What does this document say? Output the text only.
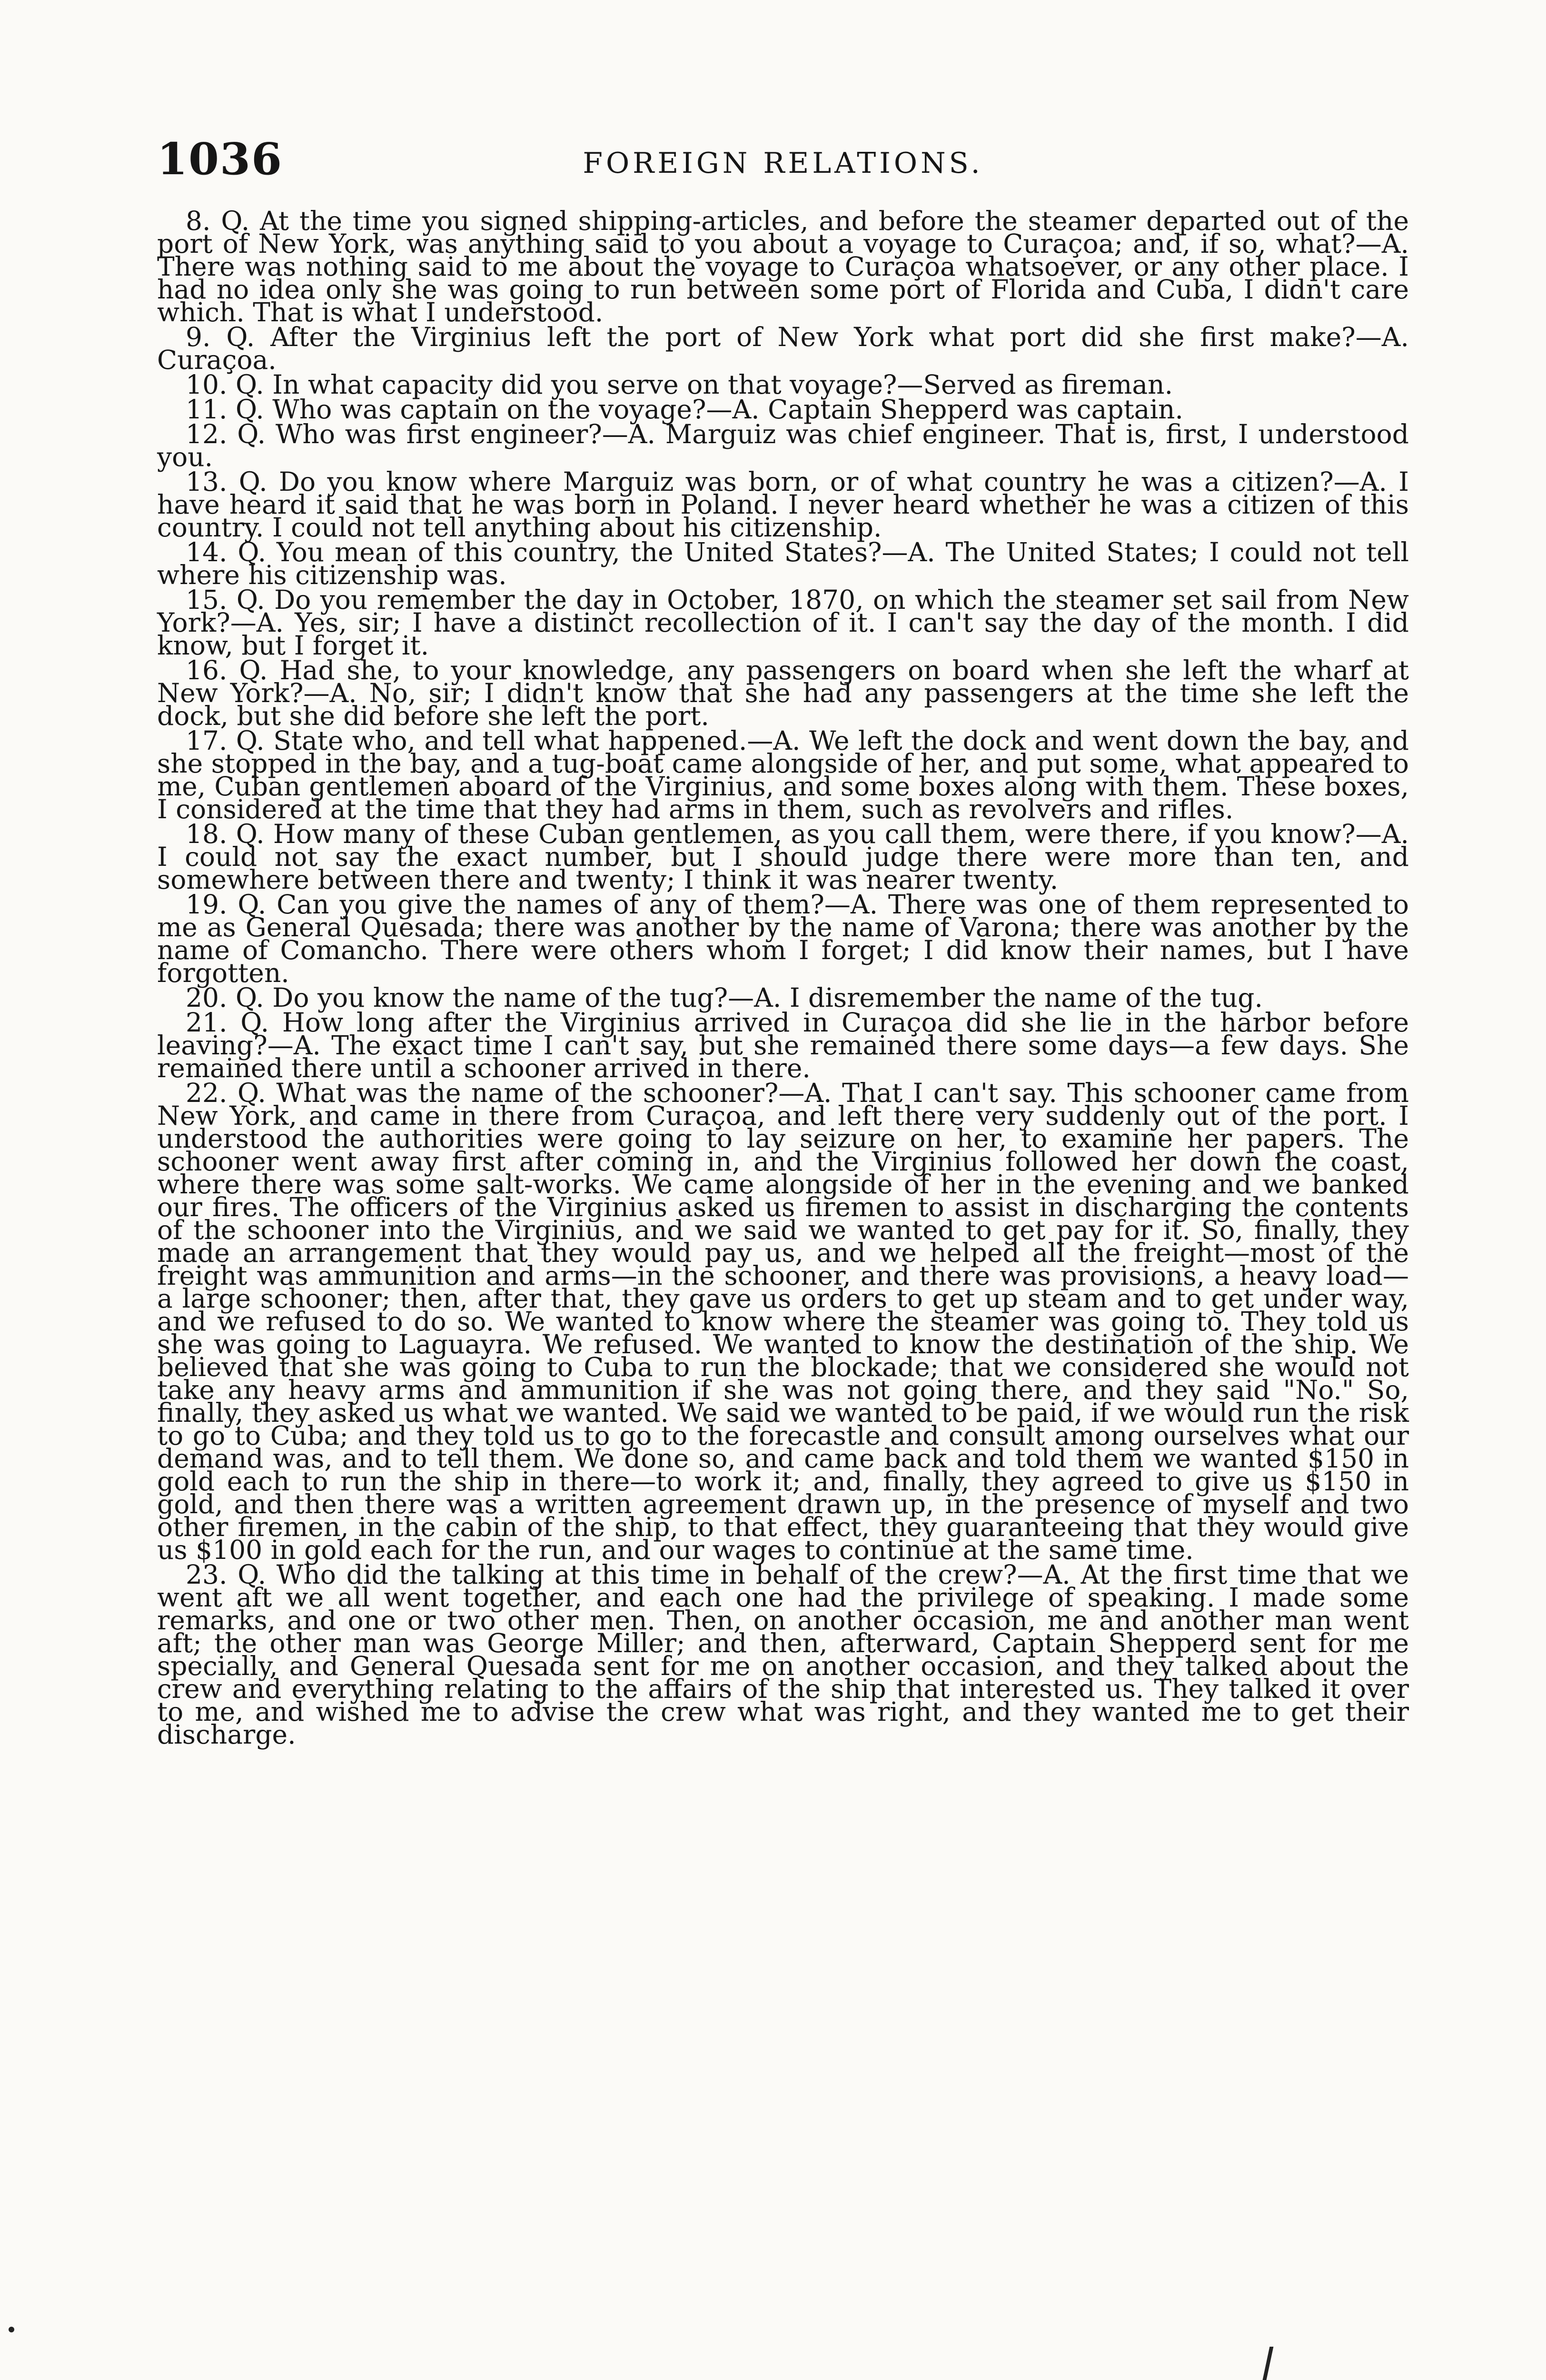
1036	FOREIGN RELATIONS.

8. Q. At the time you signed shipping-articles, and before the steamer departed out of the port of New York, was anything said to you about a voyage to Curaçoa; and, if so, what?—A. There was nothing said to me about the voyage to Curaçoa whatsoever, or any other place. I had no idea only she was going to run between some port of Florida and Cuba, I didn't care which. That is what I understood.

9. Q. After the Virginius left the port of New York what port did she first make?—A. Curaçoa.

10. Q. In what capacity did you serve on that voyage?—Served as fireman.

11. Q. Who was captain on the voyage?—A. Captain Shepperd was captain.

12. Q. Who was first engineer?—A. Marguiz was chief engineer. That is, first, I understood you.

13. Q. Do you know where Marguiz was born, or of what country he was a citizen?—A. I have heard it said that he was born in Poland. I never heard whether he was a citizen of this country. I could not tell anything about his citizenship.

14. Q. You mean of this country, the United States?—A. The United States; I could not tell where his citizenship was.

15. Q. Do you remember the day in October, 1870, on which the steamer set sail from New York?—A. Yes, sir; I have a distinct recollection of it. I can't say the day of the month. I did know, but I forget it.

16. Q. Had she, to your knowledge, any passengers on board when she left the wharf at New York?—A. No, sir; I didn't know that she had any passengers at the time she left the dock, but she did before she left the port.

17. Q. State who, and tell what happened.—A. We left the dock and went down the bay, and she stopped in the bay, and a tug-boat came alongside of her, and put some, what appeared to me, Cuban gentlemen aboard of the Virginius, and some boxes along with them. These boxes, I considered at the time that they had arms in them, such as revolvers and rifles.

18. Q. How many of these Cuban gentlemen, as you call them, were there, if you know?—A. I could not say the exact number, but I should judge there were more than ten, and somewhere between there and twenty; I think it was nearer twenty.

19. Q. Can you give the names of any of them?—A. There was one of them represented to me as General Quesada; there was another by the name of Varona; there was another by the name of Comancho. There were others whom I forget; I did know their names, but I have forgotten.

20. Q. Do you know the name of the tug?—A. I disremember the name of the tug.

21. Q. How long after the Virginius arrived in Curaçoa did she lie in the harbor before leaving?—A. The exact time I can't say, but she remained there some days—a few days. She remained there until a schooner arrived in there.

22. Q. What was the name of the schooner?—A. That I can't say. This schooner came from New York, and came in there from Curaçoa, and left there very suddenly out of the port. I understood the authorities were going to lay seizure on her, to examine her papers. The schooner went away first after coming in, and the Virginius followed her down the coast, where there was some salt-works. We came alongside of her in the evening and we banked our fires. The officers of the Virginius asked us firemen to assist in discharging the contents of the schooner into the Virginius, and we said we wanted to get pay for it. So, finally, they made an arrangement that they would pay us, and we helped all the freight—most of the freight was ammunition and arms—in the schooner, and there was provisions, a heavy load—a large schooner; then, after that, they gave us orders to get up steam and to get under way, and we refused to do so. We wanted to know where the steamer was going to. They told us she was going to Laguayra. We refused. We wanted to know the destination of the ship. We believed that she was going to Cuba to run the blockade; that we considered she would not take any heavy arms and ammunition if she was not going there, and they said "No." So, finally, they asked us what we wanted. We said we wanted to be paid, if we would run the risk to go to Cuba; and they told us to go to the forecastle and consult among ourselves what our demand was, and to tell them. We done so, and came back and told them we wanted $150 in gold each to run the ship in there—to work it; and, finally, they agreed to give us $150 in gold, and then there was a written agreement drawn up, in the presence of myself and two other firemen, in the cabin of the ship, to that effect, they guaranteeing that they would give us $100 in gold each for the run, and our wages to continue at the same time.

23. Q. Who did the talking at this time in behalf of the crew?—A. At the first time that we went aft we all went together, and each one had the privilege of speaking. I made some remarks, and one or two other men. Then, on another occasion, me and another man went aft; the other man was George Miller; and then, afterward, Captain Shepperd sent for me specially, and General Quesada sent for me on another occasion, and they talked about the crew and everything relating to the affairs of the ship that interested us. They talked it over to me, and wished me to advise the crew what was right, and they wanted me to get their discharge.
